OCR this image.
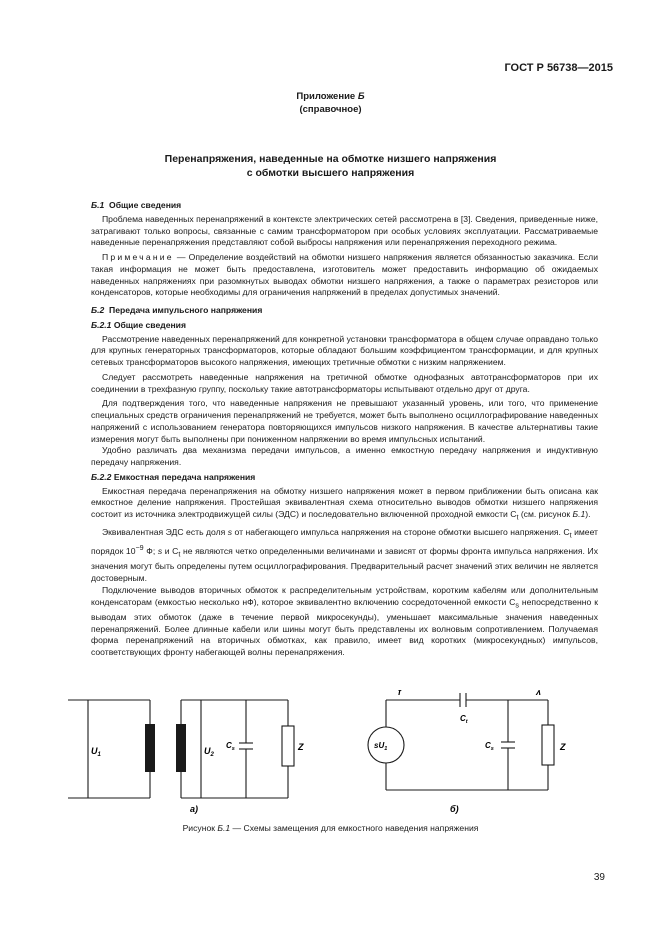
ГОСТ Р 56738—2015
Приложение Б
(справочное)
Перенапряжения, наведенные на обмотке низшего напряжения
с обмотки высшего напряжения

Б.1 Общие сведения

Проблема наведенных перенапряжений в контексте электрических сетей рассмотрена в [3]. Сведения, приведенные ниже, затрагивают только вопросы, связанные с самим трансформатором при особых условиях эксплуатации. Рассматриваемые наведенные перенапряжения представляют собой выбросы напряжения или перенапряжения переходного режима.

Примечание — Определение воздействий на обмотки низшего напряжения является обязанностью заказчика. Если такая информация не может быть предоставлена, изготовитель может предоставить информацию об ожидаемых наведенных напряжениях при разомкнутых выводах обмотки низшего напряжения, а также о параметрах резисторов или конденсаторов, которые необходимы для ограничения напряжений в пределах допустимых значений.

Б.2 Передача импульсного напряжения

Б.2.1 Общие сведения

Рассмотрение наведенных перенапряжений для конкретной установки трансформатора в общем случае оправдано только для крупных генераторных трансформаторов, которые обладают большим коэффициентом трансформации, и для крупных сетевых трансформаторов высокого напряжения, имеющих третичные обмотки с низким напряжением.

Следует рассмотреть наведенные напряжения на третичной обмотке однофазных автотрансформаторов при их соединении в трехфазную группу, поскольку такие автотрансформаторы испытывают отдельно друг от друга.

Для подтверждения того, что наведенные напряжения не превышают указанный уровень, или того, что применение специальных средств ограничения перенапряжений не требуется, может быть выполнено осциллографирование наведенных напряжений с использованием генератора повторяющихся импульсов низкого напряжения. В качестве альтернативы такие измерения могут быть выполнены при пониженном напряжении во время импульсных испытаний.

Удобно различать два механизма передачи импульсов, а именно емкостную передачу напряжения и индуктивную передачу напряжения.

Б.2.2 Емкостная передача напряжения

Емкостная передача перенапряжения на обмотку низшего напряжения может в первом приближении быть описана как емкостное деление напряжения. Простейшая эквивалентная схема относительно выводов обмотки низшего напряжения состоит из источника электродвижущей силы (ЭДС) и последовательно включенной проходной емкости $C_t$ (см. рисунок Б.1).

Эквивалентная ЭДС есть доля s от набегающего импульса напряжения на стороне обмотки высшего напряжения. $C_t$ имеет порядок $10^{-9}$ Ф; s и $C_t$ не являются четко определенными величинами и зависят от формы фронта импульса напряжения. Их значения могут быть определены путем осциллографирования. Предварительный расчет значений этих величин не является достоверным.

Подключение выводов вторичных обмоток к распределительным устройствам, коротким кабелям или дополнительным конденсаторам (емкостью несколько нФ), которое эквивалентно включению сосредоточенной емкости $C_s$ непосредственно к выводам этих обмоток (даже в течение первой микросекунды), уменьшает максимальные значения наведенных перенапряжений. Более длинные кабели или шины могут быть представлены их волновым сопротивлением. Получаемая форма перенапряжений на вторичных обмотках, как правило, имеет вид коротких (микросекундных) импульсов, соответствующих фронту набегающей волны перенапряжения.

$U_1$	$U_2$
$C_s$	Z
а)
f
$C_t$
$sU_1$
λ
$C_s$	Z
б)
Рисунок Б.1 — Схемы замещения для емкостного наведения напряжения
39
